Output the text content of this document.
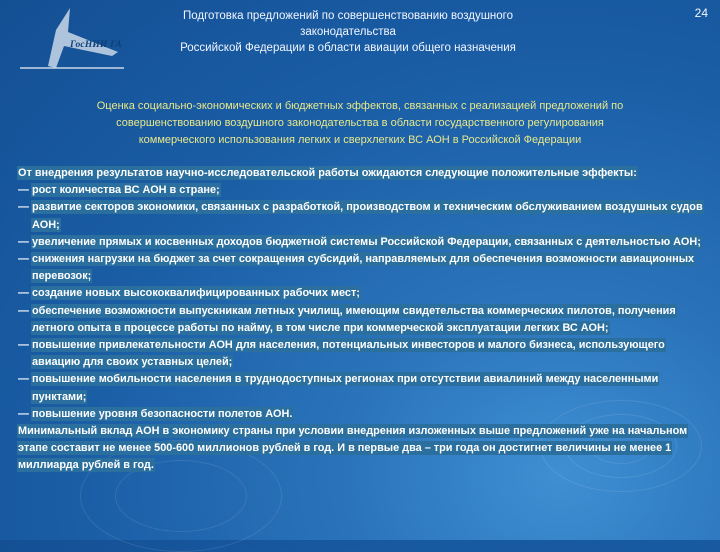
ГосНИИ ГА
Подготовка предложений по совершенствованию воздушного законодательства
Российской Федерации в области авиации общего назначения
24
Оценка социально-экономических и бюджетных эффектов, связанных с реализацией предложений по
совершенствованию воздушного законодательства в области государственного регулирования
коммерческого использования легких и сверхлегких ВС АОН в Российской Федерации
От внедрения результатов научно-исследовательской работы ожидаются следующие положительные эффекты:
— рост количества ВС АОН в стране;
— развитие секторов экономики, связанных с разработкой, производством и техническим обслуживанием воздушных судов АОН;
— увеличение прямых и косвенных доходов бюджетной системы Российской Федерации, связанных с деятельностью АОН;
— снижения нагрузки на бюджет за счет сокращения субсидий, направляемых для обеспечения возможности авиационных перевозок;
— создание новых высококвалифицированных рабочих мест;
— обеспечение возможности выпускникам летных училищ, имеющим свидетельства коммерческих пилотов, получения летного опыта в процессе работы по найму, в том числе при коммерческой эксплуатации легких ВС АОН;
— повышение привлекательности АОН для населения, потенциальных инвесторов и малого бизнеса, использующего авиацию для своих уставных целей;
— повышение мобильности населения в труднодоступных регионах при отсутствии авиалиний между населенными пунктами;
— повышение уровня безопасности полетов АОН.
Минимальный вклад АОН в экономику страны при условии внедрения изложенных выше предложений уже на начальном этапе составит не менее 500-600 миллионов рублей в год. И в первые два – три года он достигнет величины не менее 1 миллиарда рублей в год.
